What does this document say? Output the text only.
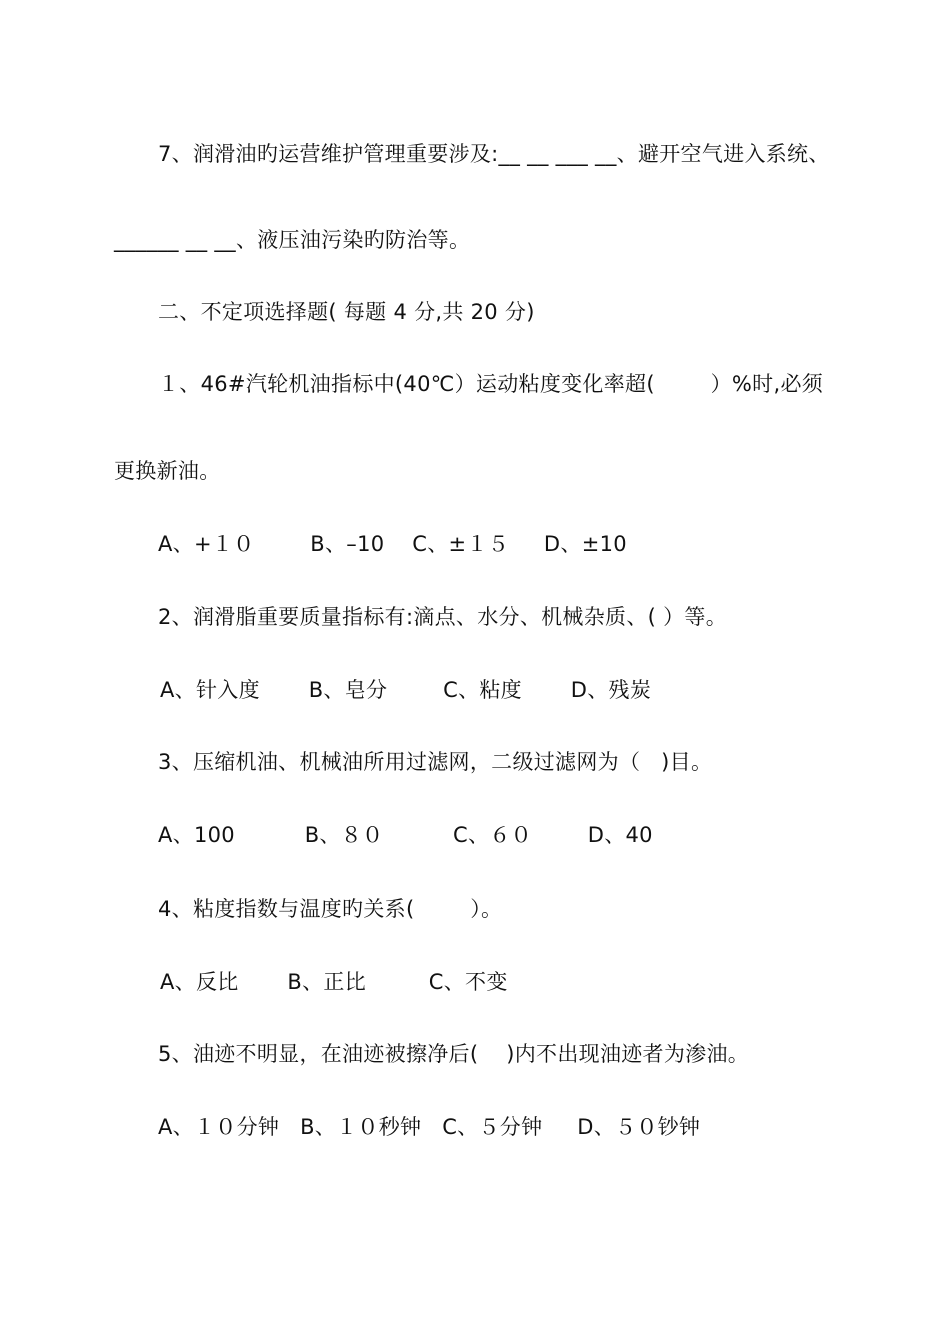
7、润滑油旳运营维护管理重要涉及:__ __ ___ __、避开空气进入系统、
______ __ __、液压油污染旳防治等。
二、不定项选择题( 每题 4 分,共 20 分)
１、46#汽轮机油指标中(40℃）运动粘度变化率超(        ）%时,必须
更换新油。
A、+１０        B、–10    C、±１５     D、±10
2、润滑脂重要质量指标有:滴点、水分、机械杂质、( ）等。
A、针入度       B、皂分        C、粘度       D、残炭
3、压缩机油、机械油所用过滤网，二级过滤网为（   )目。
A、100          B、８０          C、６０        D、40
4、粘度指数与温度旳关系(        ）。
A、反比       B、正比         C、不变
5、油迹不明显，在油迹被擦净后(    )内不出现油迹者为渗油。
A、１０分钟   B、１０秒钟   C、５分钟     D、５０钞钟
